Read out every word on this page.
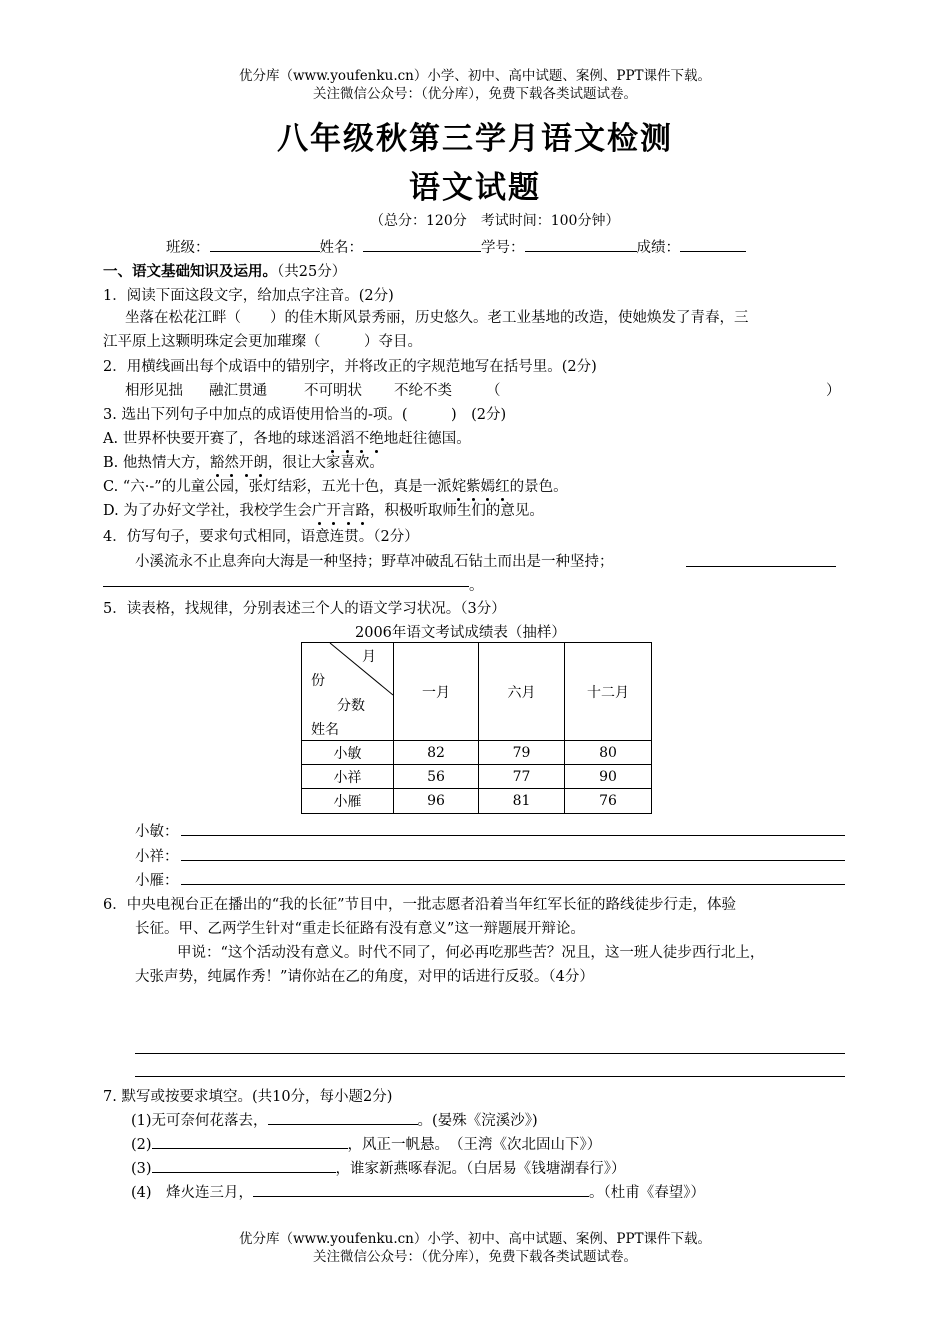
优分库（www.youfenku.cn）小学、初中、高中试题、案例、PPT课件下载。
关注微信公众号：（优分库），免费下载各类试题试卷。
八年级秋第三学月语文检测
语文试题
（总分：120分　考试时间：100分钟）
班级：	姓名：	学号：	成绩：
一、语文基础知识及运用。（共25分）
1．阅读下面这段文字，给加点字注音。(2分)
坐落在松花江畔（　　）的佳木斯风景秀丽，历史悠久。老工业基地的改造，使她焕发了青春，三
江平原上这颗明珠定会更加璀璨（　　　）夺目。
2．用横线画出每个成语中的错别字，并将改正的字规范地写在括号里。(2分)
相形见拙 融汇贯通	不可明状 不纶不类 （	）
3. 选出下列句子中加点的成语使用恰当的-项。(　　　)　(2分)
A. 世界杯快要开赛了，各地的球迷滔滔不绝地赶往德国。
B. 他热情大方，豁然开朗，很让大家喜欢。
C. “六·-”的儿童公园，张灯结彩，五光十色，真是一派姹紫嫣红的景色。
D. 为了办好文学社，我校学生会广开言路，积极听取师生们的意见。
4．仿写句子，要求句式相同，语意连贯。（2分）
小溪流永不止息奔向大海是一种坚持；野草冲破乱石钻土而出是一种坚持；
。
5．读表格，找规律，分别表述三个人的语文学习状况。（3分）
2006年语文考试成绩表（抽样）
月
份
分数
姓名	一月	六月	十二月
小敏	82	79	80
小祥	56	77	90
小雁	96	81	76
小敏：
小祥：
小雁：
6．中央电视台正在播出的“我的长征”节目中，一批志愿者沿着当年红军长征的路线徒步行走，体验
长征。甲、乙两学生针对“重走长征路有没有意义”这一辩题展开辩论。
甲说：“这个活动没有意义。时代不同了，何必再吃那些苦？况且，这一班人徒步西行北上，
大张声势，纯属作秀！”请你站在乙的角度，对甲的话进行反驳。（4分）
7. 默写或按要求填空。(共10分，每小题2分)
(1)无可奈何花落去，	。(晏殊《浣溪沙》)
(2)	，风正一帆悬。　（王湾《次北固山下》）
(3)	，谁家新燕啄春泥。（白居易《钱塘湖春行》）
(4)　烽火连三月，	。（杜甫《春望》）
优分库（www.youfenku.cn）小学、初中、高中试题、案例、PPT课件下载。
关注微信公众号：（优分库），免费下载各类试题试卷。
